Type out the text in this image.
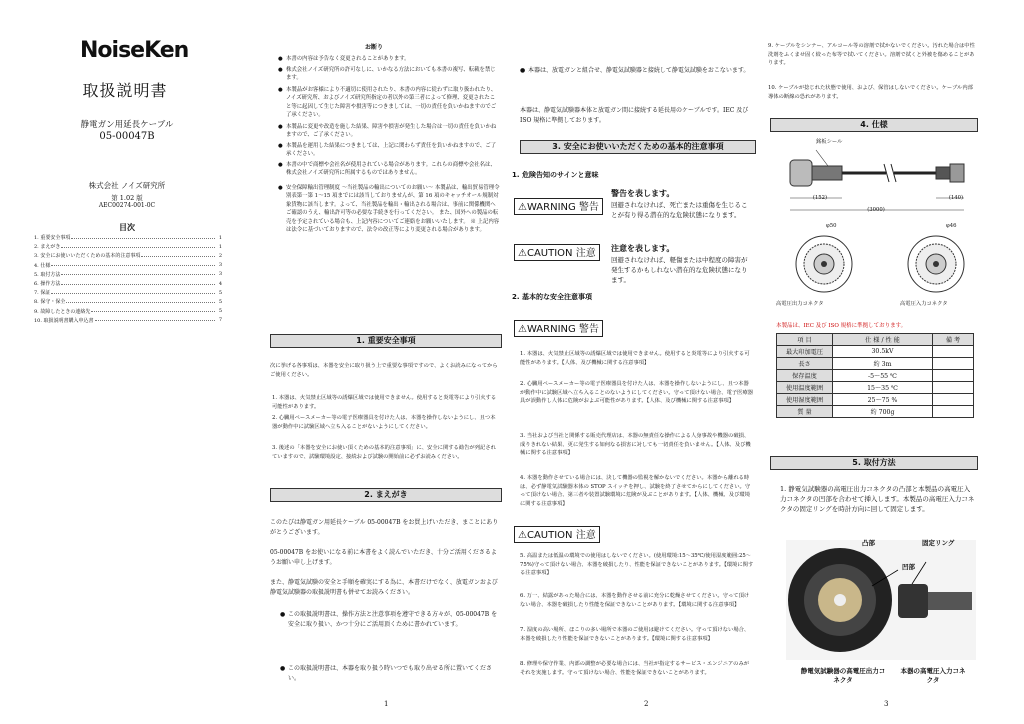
NoiseKen
取扱説明書
静電ガン用延長ケーブル
05-00047B
株式会社 ノイズ研究所
第 1.02 版
AEC00274-001-0C
目次
1. 重要安全事項	1
2. まえがき	1
3. 安全にお使いいただくための基本的注意事項	2
4. 仕様	3
5. 取付方法	3
6. 操作方法	4
7. 保証	5
8. 保守・保全	5
9. 故障したときの連絡先	5
10. 取扱説明書購入申込書	7
お断り
● 本書の内容は予告なく変更されることがあります。
● 株式会社ノイズ研究所の許可なしに、いかなる方法においても本書の複写、転載を禁じます。
● 本製品がお客様により不適切に使用されたり、本書の内容に従わずに取り扱われたり、ノイズ研究所、およびノイズ研究所指定の者以外の第三者によって修理、変更されたこと等に起因して生じた障害や損害等につきましては、一切の責任を負いかねますのでご了承ください。
● 本製品に変更や改造を施した結果、障害や損害が発生した場合は一切の責任を負いかねますので、ご了承ください。
● 本製品を運用した結果につきましては、上記に関わらず責任を負いかねますので、ご了承ください。
● 本書の中で商標や会社名が使用されている場合があります。これらの商標や会社名は、株式会社ノイズ研究所に所属するものではありません。
● 安全保障輸出管理制度 〜当社製品の輸出についてのお願い〜 本製品は、輸出貿易管理令別表第一第 1〜15 項までには該当しておりませんが、第 16 項のキャッチオール規制対象貨物に該当します。よって、当社製品を輸出・輸出される場合は、事前に関係機関へご確認のうえ、輸出許可等の必要な手続きを行ってください。 また、国外への製品の転売を予定されている場合も、上記内容についてご連絡をお願いいたします。 ※ 上記内容は法令に基づいておりますので、法令の改正等により変更される場合があります。
1. 重要安全事項
次に挙げる各事項は、本器を安全に取り扱う上で重要な事項ですので、よくお読みになってからご使用ください。
1. 本器は、火気禁止区域等の誘爆区域では使用できません。使用すると炎電等により引火する可能性があります。
2. 心臓用ペースメーカー等の電子医療器具を付けた人は、本器を操作しないようにし、且つ本器が動作中に試験区域へ立ち入ることがないようにしてください。
3. 後述の「本器を安全にお使い頂くための基本的注意事項」に、安全に関する勧告が列記されていますので、試験環境設定、接続および試験の開始前に必ずお読みください。
2. まえがき
このたびは静電ガン用延長ケーブル 05-00047B をお買上げいただき、まことにありがとうございます。
05-00047B をお使いになる前に本書をよく読んでいただき、十分ご活用くださるようお願い申し上げます。
また、静電気試験の安全と手順を確実にする為に、本書だけでなく、放電ガンおよび静電気試験器の取扱説明書も併せてお読みください。
● この取扱説明書は、操作方法と注意事項を遵守できる方々が、05-00047B を安全に取り扱い、かつ十分にご活用頂くために書かれています。
● この取扱説明書は、本器を取り扱う時いつでも取り出せる所に置いてください。
1
● 本器は、放電ガンと組合せ、静電気試験器と接続して静電気試験をおこないます。
本器は、静電気試験器本体と放電ガン間に接続する延長用のケーブルです。IEC 及び ISO 規格に準拠しております。
3. 安全にお使いいただくための基本的注意事項
1. 危険告知のサインと意味
⚠WARNING 警告
警告を表します。
回避されなければ、死亡または重傷を生じることが有り得る潜在的な危険状態になります。
⚠CAUTION 注意	注意を表します。
回避されなければ、軽傷または中程度の障害が発生するかもしれない潜在的な危険状態になります。
2. 基本的な安全注意事項
⚠WARNING 警告
1. 本器は、火気禁止区域等の誘爆区域では使用できません。使用すると炎電等により引火する可能性があります。【人体、及び機械に関する注意事項】
2. 心臓用ペースメーカー等の電子医療器具を付けた人は、本器を操作しないようにし、且つ本器が動作中に試験区域へ立ち入ることのないようにしてください。守って頂けない場合、電子医療器具が誤動作し人体に危険がおよぶ可能性があります。【人体、及び機械に関する注意事項】
3. 当社および当社と関係する販売代理店は、本器の無責任な操作による人身事故や機器の破損、成りきれない結果、更に発生する如何なる損害に対しても一切責任を負いません。【人体、及び機械に関する注意事項】
4. 本器を動作させている場合には、決して機器の監視を解かないでください。本器から離れる時は、必ず静電気試験器本体の STOP スイッチを押し、試験を終了させてからにしてください。守って頂けない場合、第三者や装置試験環境に危険が及ぶことがあります。【人体、機械、及び環境に関する注意事項】
⚠CAUTION 注意
5. 高温または低温の環境での使用はしないでください。(使用環境:15〜35℃/使用湿度範囲:25〜75%)守って頂けない場合、本器を破損したり、性能を保証できないことがあります。【環境に関する注意事項】
6. 万一、結露があった場合には、本器を動作させる前に充分に乾燥させてください。守って頂けない場合、本器を破損したり性能を保証できないことがあります。【環境に関する注意事項】
7. 湿度の高い場所、ほこりの多い場所で本器のご使用は避けてください。守って頂けない場合、本器を破損したり性能を保証できないことがあります。【環境に関する注意事項】
8. 修理や保守作業、内部の調整が必要な場合には、当社が指定するサービス・エンジニアのみがそれを実施します。守って頂けない場合、性能を保証できないことがあります。
2
9. ケーブルをシンナー、アルコール等の溶剤で拭かないでください。汚れた場合は中性洗剤をふくませ固く絞った布等で拭いてください。溶剤で拭くと外被を傷めることがあります。
10. ケーブルが捻じれた状態で使用、および、保管はしないでください。ケーブル内部導体の断線の恐れがあります。
4. 仕様
銘板シール
(152)	(140)
(3000)
φ50	φ46
高電圧出力コネクタ	高電圧入力コネクタ
本製品は、IEC 及び ISO 規格に準拠しております。
項 目	仕 様 / 性 能	備 考
最大印加電圧	30.5kV	
長さ	約 3m	
保存温度	-5〜55 ℃	
使用温度範囲	15〜35 ℃	
使用湿度範囲	25〜75 %	
質 量	約 700g	
5. 取付方法
1. 静電気試験器の高電圧出力コネクタの凸部と本製品の高電圧入力コネクタの凹部を合わせて挿入します。本製品の高電圧入力コネクタの固定リングを時計方向に回して固定します。
凸部	固定リング
凹部
静電気試験器の高電圧出力コネクタ
本器の高電圧入力コネクタ
3
